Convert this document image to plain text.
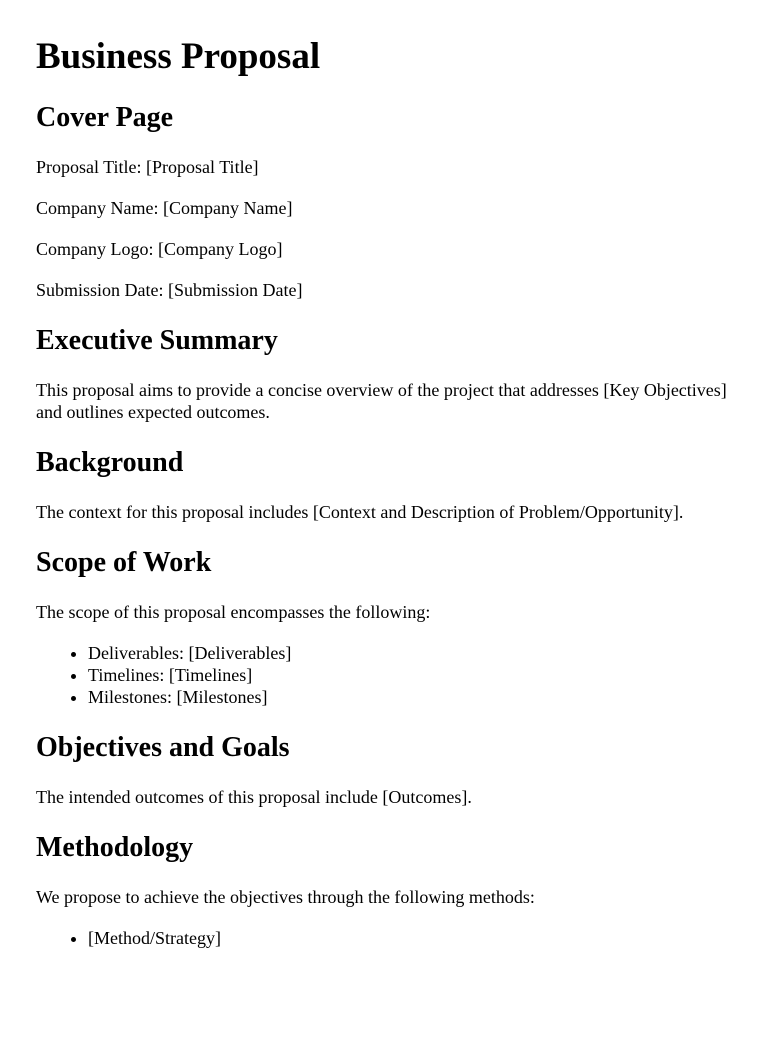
Business Proposal
Cover Page

Proposal Title: [Proposal Title]

Company Name: [Company Name]

Company Logo: [Company Logo]

Submission Date: [Submission Date]

Executive Summary

This proposal aims to provide a concise overview of the project that addresses [Key Objectives] and outlines expected outcomes.

Background

The context for this proposal includes [Context and Description of Problem/Opportunity].

Scope of Work

The scope of this proposal encompasses the following:

• Deliverables: [Deliverables]
• Timelines: [Timelines]
• Milestones: [Milestones]
Objectives and Goals

The intended outcomes of this proposal include [Outcomes].

Methodology

We propose to achieve the objectives through the following methods:

• [Method/Strategy]
